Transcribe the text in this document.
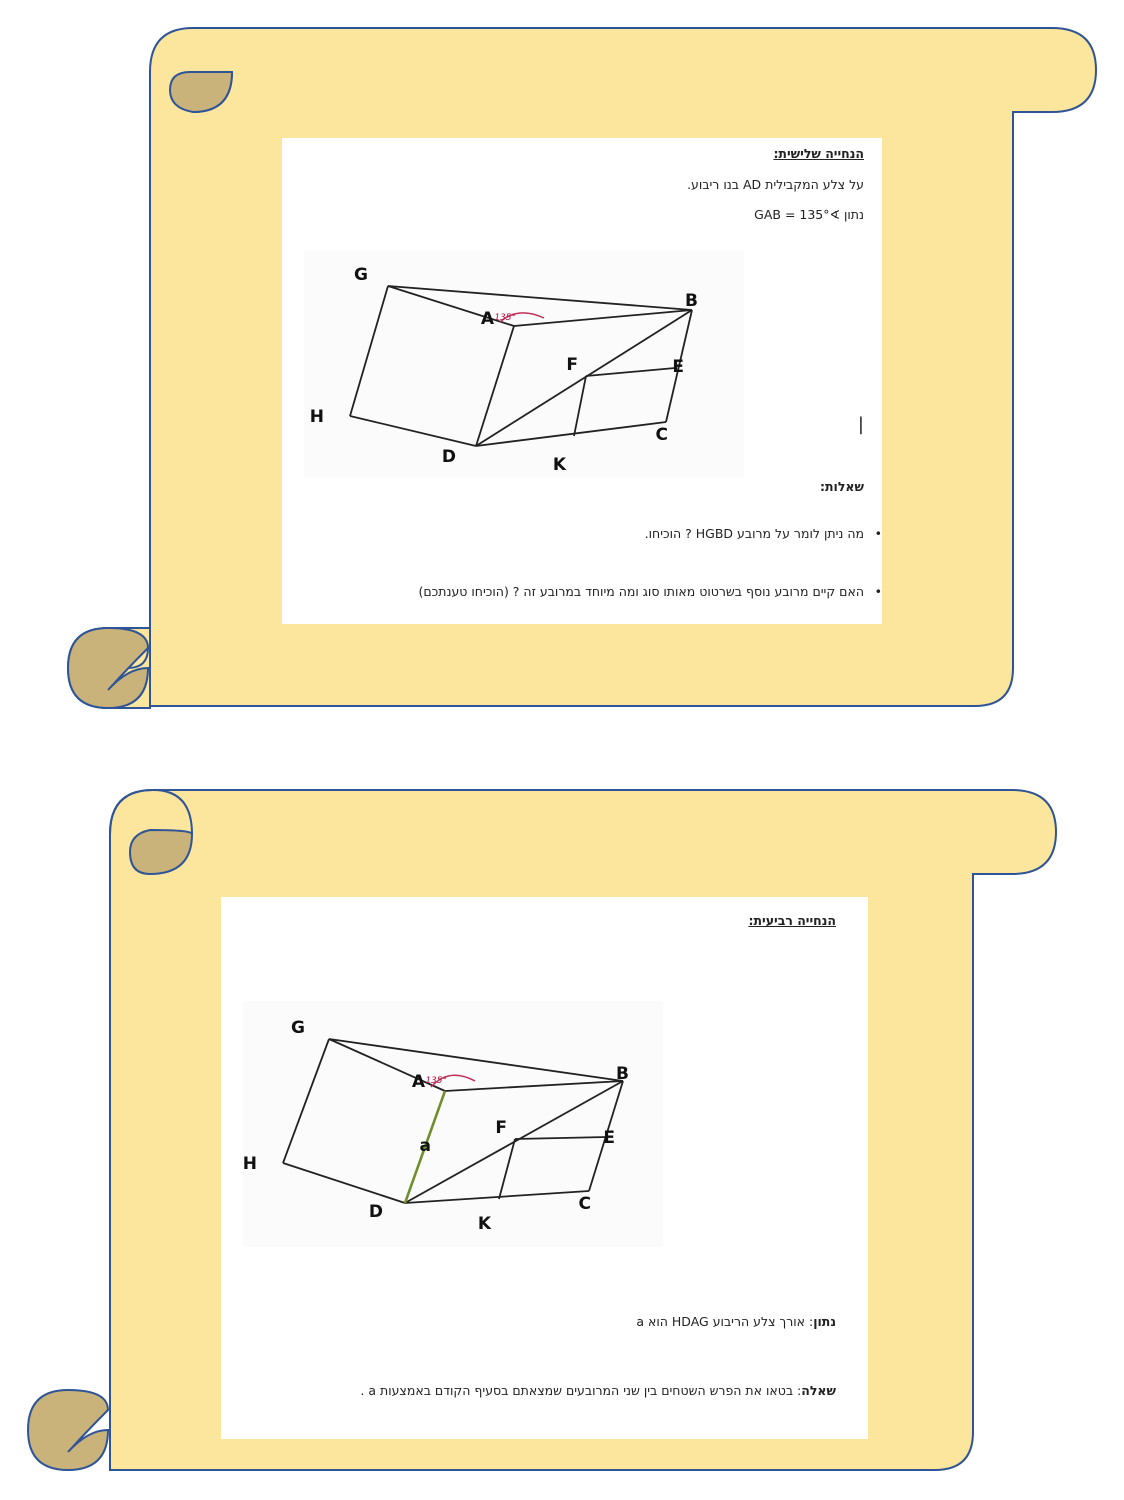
הנחייה שלישית:
על צלע המקבילית AD בנו ריבוע.
נתון ∢GAB = 135°
|
135°
G
A
B
F	E
H
D	K
C
שאלות:
• מה ניתן לומר על מרובע HGBD ? הוכיחו.
• האם קיים מרובע נוסף בשרטוט מאותו סוג ומה מיוחד במרובע זה ? (הוכיחו טענתכם)
הנחייה רביעית:
135°
G
A	B
F	E
H
D
K
C
a
נתון: אורך צלע הריבוע HDAG הוא a
שאלה: בטאו את הפרש השטחים בין שני המרובעים שמצאתם בסעיף הקודם באמצעות a .
